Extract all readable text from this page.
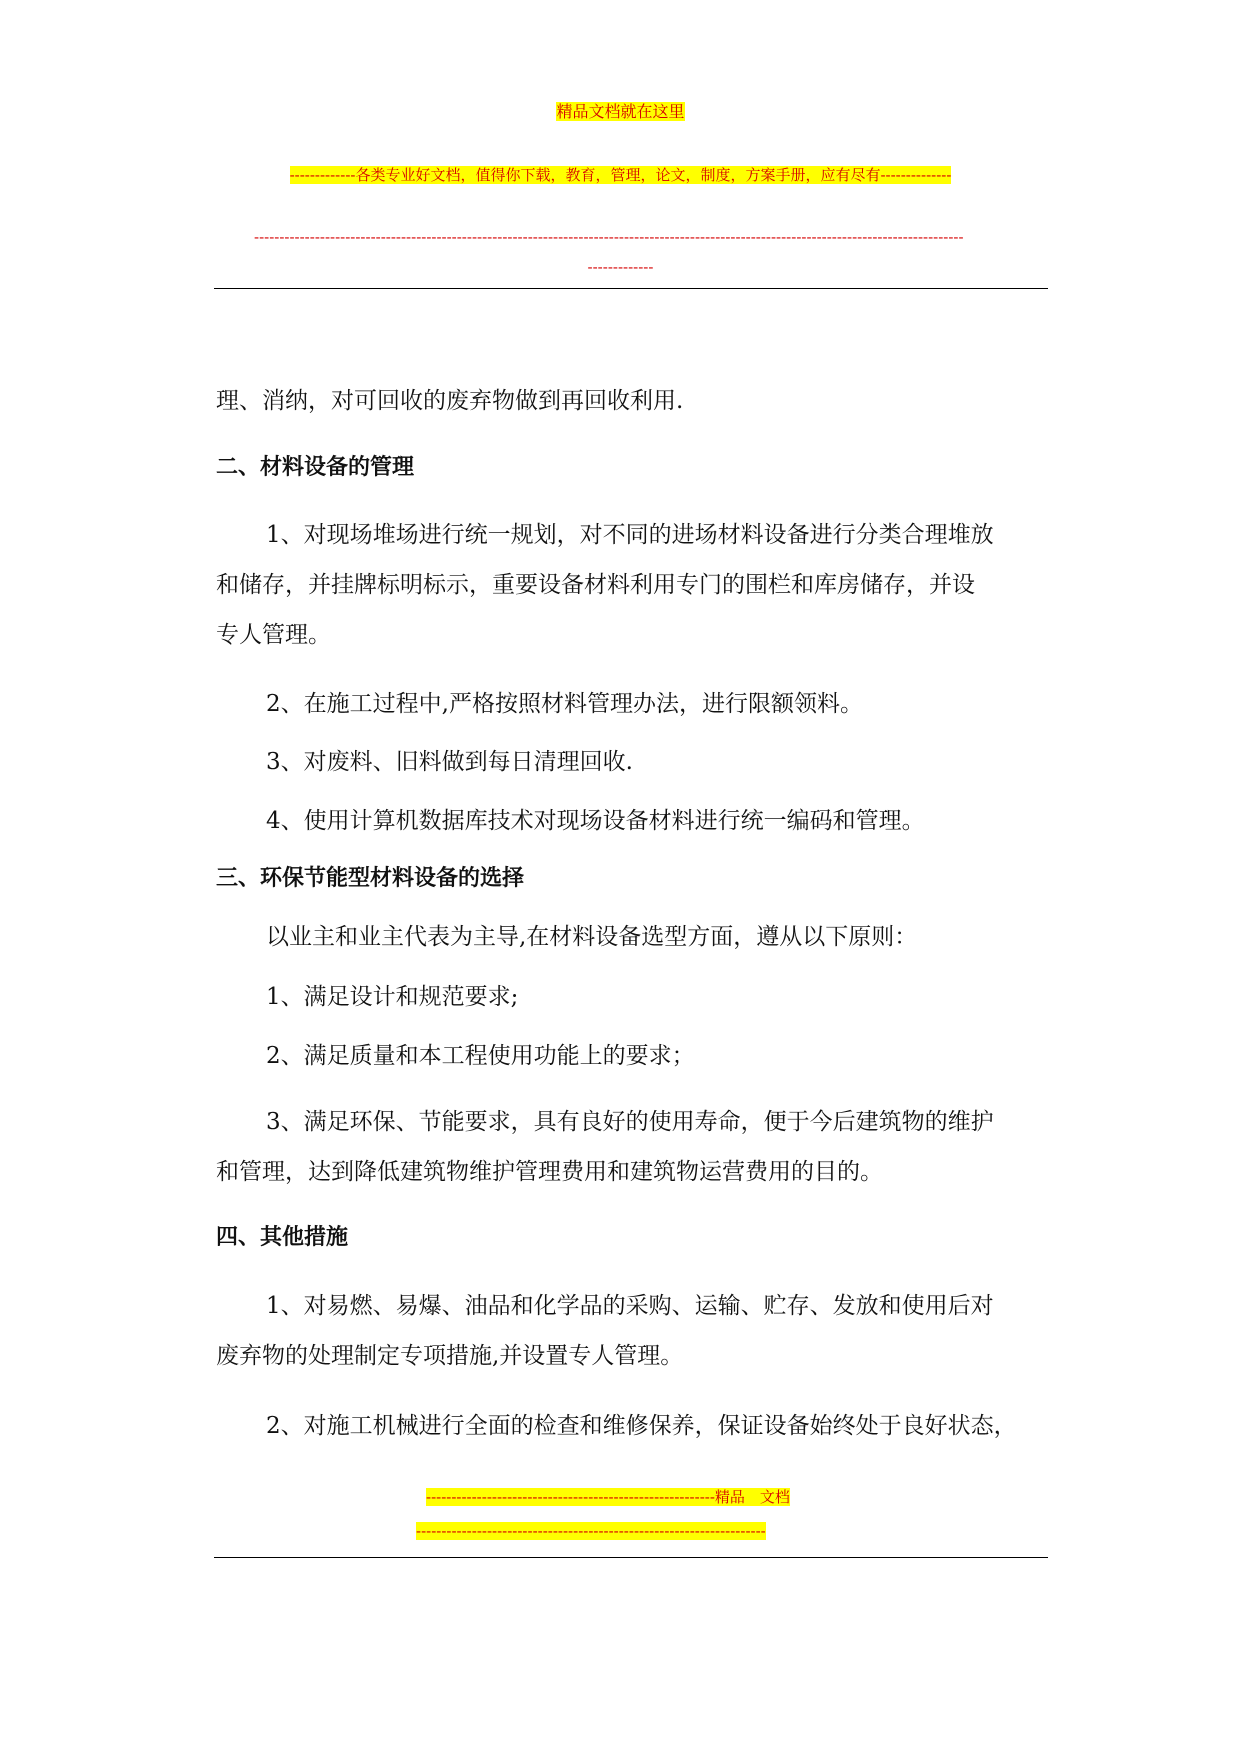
精品文档就在这里
-------------各类专业好文档，值得你下载，教育，管理，论文，制度，方案手册，应有尽有--------------
--------------------------------------------------------------------------------------------------------------------------------------------
-------------
理、消纳，对可回收的废弃物做到再回收利用.
二、材料设备的管理
1、对现场堆场进行统一规划，对不同的进场材料设备进行分类合理堆放
和储存，并挂牌标明标示，重要设备材料利用专门的围栏和库房储存，并设
专人管理。
2、在施工过程中,严格按照材料管理办法，进行限额领料。
3、对废料、旧料做到每日清理回收.
4、使用计算机数据库技术对现场设备材料进行统一编码和管理。
三、环保节能型材料设备的选择
以业主和业主代表为主导,在材料设备选型方面，遵从以下原则：
1、满足设计和规范要求;
2、满足质量和本工程使用功能上的要求；
3、满足环保、节能要求，具有良好的使用寿命，便于今后建筑物的维护
和管理，达到降低建筑物维护管理费用和建筑物运营费用的目的。
四、其他措施
1、对易燃、易爆、油品和化学品的采购、运输、贮存、发放和使用后对
废弃物的处理制定专项措施,并设置专人管理。
2、对施工机械进行全面的检查和维修保养，保证设备始终处于良好状态，
---------------------------------------------------------精品　文档
---------------------------------------------------------------------
